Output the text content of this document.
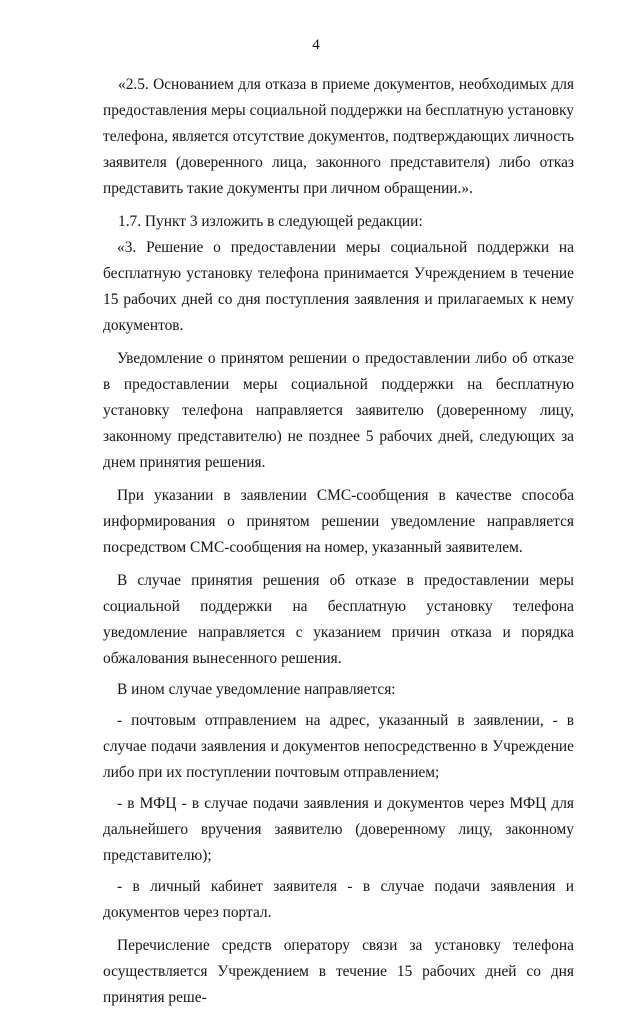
4

«2.5. Основанием для отказа в приеме документов, необходимых для предоставления меры социальной поддержки на бесплатную установку телефона, является отсутствие документов, подтверждающих личность заявителя (доверенного лица, законного представителя) либо отказ представить такие документы при личном обращении.».

1.7. Пункт 3 изложить в следующей редакции:

«3. Решение о предоставлении меры социальной поддержки на бесплатную установку телефона принимается Учреждением в течение 15 рабочих дней со дня поступления заявления и прилагаемых к нему документов.

Уведомление о принятом решении о предоставлении либо об отказе в предоставлении меры социальной поддержки на бесплатную установку телефона направляется заявителю (доверенному лицу, законному представителю) не позднее 5 рабочих дней, следующих за днем принятия решения.

При указании в заявлении СМС-сообщения в качестве способа информирования о принятом решении уведомление направляется посредством СМС-сообщения на номер, указанный заявителем.

В случае принятия решения об отказе в предоставлении меры социальной поддержки на бесплатную установку телефона уведомление направляется с указанием причин отказа и порядка обжалования вынесенного решения.

В ином случае уведомление направляется:

- почтовым отправлением на адрес, указанный в заявлении, - в случае подачи заявления и документов непосредственно в Учреждение либо при их поступлении почтовым отправлением;

- в МФЦ - в случае подачи заявления и документов через МФЦ для дальнейшего вручения заявителю (доверенному лицу, законному представителю);

- в личный кабинет заявителя - в случае подачи заявления и документов через портал.

Перечисление средств оператору связи за установку телефона осуществляется Учреждением в течение 15 рабочих дней со дня принятия реше-
